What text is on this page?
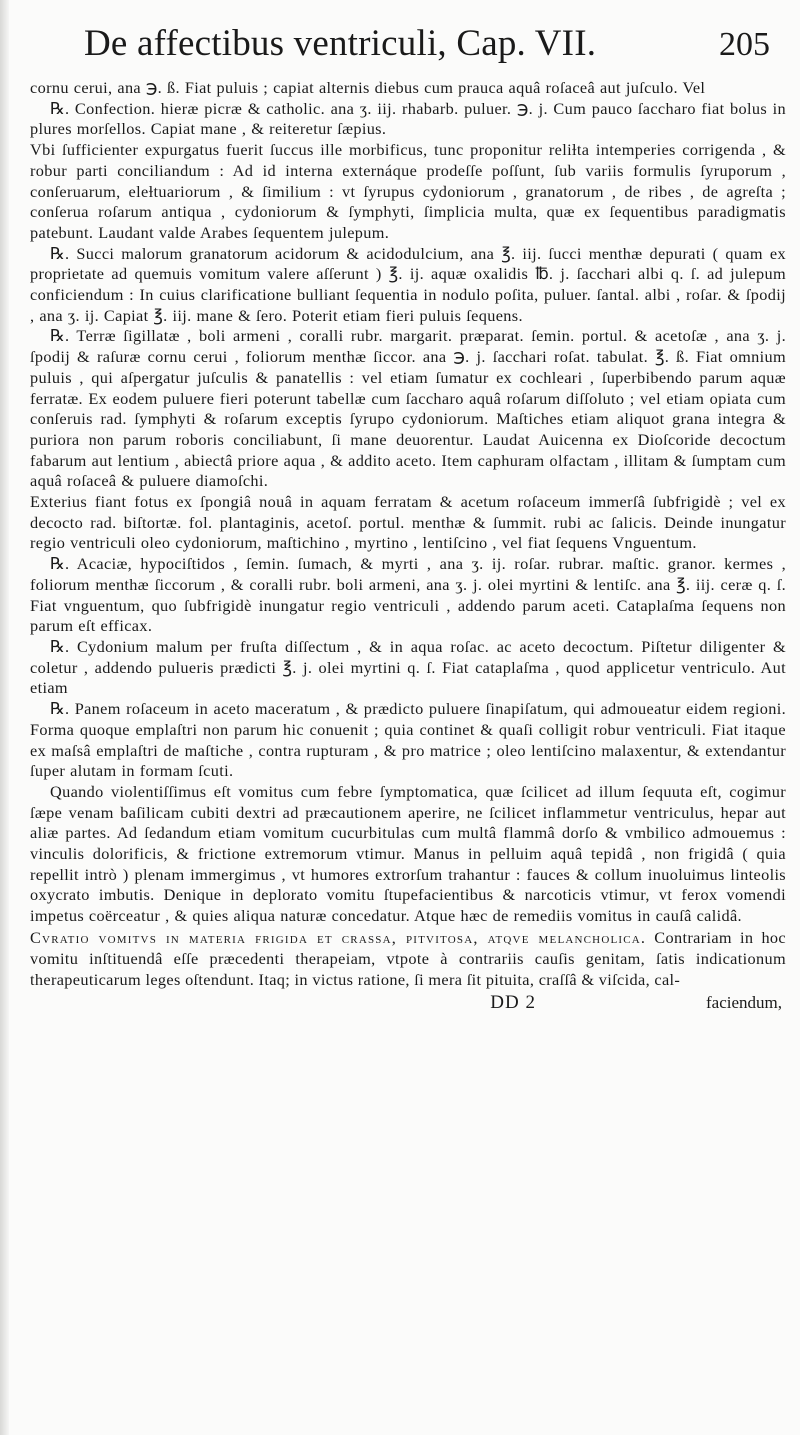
De affectibus ventriculi, Cap. VII.	205

cornu cerui, ana ℈. ß. Fiat puluis ; capiat alternis diebus cum prauca aquâ roſaceâ aut juſculo. Vel

℞. Confection. hieræ picræ & catholic. ana ʒ. iij. rhabarb. puluer. ℈. j. Cum pauco ſaccharo fiat bolus in plures morſellos. Capiat mane , & reiteretur ſæpius.

Vbi ſufficienter expurgatus fuerit ſuccus ille morbificus, tunc proponitur reliɫta intemperies corrigenda , & robur parti conciliandum : Ad id interna externáque prodeſſe poſſunt, ſub variis formulis ſyruporum , conſeruarum, eleɫtuariorum , & ſimilium : vt ſyrupus cydoniorum , granatorum , de ribes , de agreſta ; conſerua roſarum antiqua , cydoniorum & ſymphyti, ſimplicia multa, quæ ex ſequentibus paradigmatis patebunt. Laudant valde Arabes ſequentem julepum.

℞. Succi malorum granatorum acidorum & acidodulcium, ana ℥. iij. ſucci menthæ depurati ( quam ex proprietate ad quemuis vomitum valere aſſerunt ) ℥. ij. aquæ oxalidis ℔. j. ſacchari albi q. ſ. ad julepum conficiendum : In cuius clarificatione bulliant ſequentia in nodulo poſita, puluer. ſantal. albi , roſar. & ſpodij , ana ʒ. ij. Capiat ℥. iij. mane & ſero. Poterit etiam fieri puluis ſequens.

℞. Terræ ſigillatæ , boli armeni , coralli rubr. margarit. præparat. ſemin. portul. & acetoſæ , ana ʒ. j. ſpodij & raſuræ cornu cerui , foliorum menthæ ſiccor. ana ℈. j. ſacchari roſat. tabulat. ℥. ß. Fiat omnium puluis , qui aſpergatur juſculis & panatellis : vel etiam ſumatur ex cochleari , ſuperbibendo parum aquæ ferratæ. Ex eodem puluere fieri poterunt tabellæ cum ſaccharo aquâ roſarum diſſoluto ; vel etiam opiata cum conſeruis rad. ſymphyti & roſarum exceptis ſyrupo cydoniorum. Maſtiches etiam aliquot grana integra & puriora non parum roboris conciliabunt, ſi mane deuorentur. Laudat Auicenna ex Dioſcoride decoctum fabarum aut lentium , abiectâ priore aqua , & addito aceto. Item caphuram olfactam , illitam & ſumptam cum aquâ roſaceâ & puluere diamoſchi.

Exterius fiant fotus ex ſpongiâ nouâ in aquam ferratam & acetum roſaceum immerſâ ſubfrigidè ; vel ex decocto rad. biſtortæ. fol. plantaginis, acetoſ. portul. menthæ & ſummit. rubi ac ſalicis. Deinde inungatur regio ventriculi oleo cydoniorum, maſtichino , myrtino , lentiſcino , vel fiat ſequens Vnguentum.

℞. Acaciæ, hypociſtidos , ſemin. ſumach, & myrti , ana ʒ. ij. roſar. rubrar. maſtic. granor. kermes , foliorum menthæ ſiccorum , & coralli rubr. boli armeni, ana ʒ. j. olei myrtini & lentiſc. ana ℥. iij. ceræ q. ſ. Fiat vnguentum, quo ſubfrigidè inungatur regio ventriculi , addendo parum aceti. Cataplaſma ſequens non parum eſt efficax.

℞. Cydonium malum per fruſta diſſectum , & in aqua roſac. ac aceto decoctum. Piſtetur diligenter & coletur , addendo pulueris prædicti ℥. j. olei myrtini q. ſ. Fiat cataplaſma , quod applicetur ventriculo. Aut etiam

℞. Panem roſaceum in aceto maceratum , & prædicto puluere ſinapiſatum, qui admoueatur eidem regioni. Forma quoque emplaſtri non parum hic conuenit ; quia continet & quaſi colligit robur ventriculi. Fiat itaque ex maſsâ emplaſtri de maſtiche , contra rupturam , & pro matrice ; oleo lentiſcino malaxentur, & extendantur ſuper alutam in formam ſcuti.

Quando violentiſſimus eſt vomitus cum febre ſymptomatica, quæ ſcilicet ad illum ſequuta eſt, cogimur ſæpe venam baſilicam cubiti dextri ad præcautionem aperire, ne ſcilicet inflammetur ventriculus, hepar aut aliæ partes. Ad ſedandum etiam vomitum cucurbitulas cum multâ flammâ dorſo & vmbilico admouemus : vinculis dolorificis, & frictione extremorum vtimur. Manus in pelluim aquâ tepidâ , non frigidâ ( quia repellit intrò ) plenam immergimus , vt humores extrorſum trahantur : fauces & collum inuoluimus linteolis oxycrato imbutis. Denique in deplorato vomitu ſtupefacientibus & narcoticis vtimur, vt ferox vomendi impetus coërceatur , & quies aliqua naturæ concedatur. Atque hæc de remediis vomitus in cauſâ calidâ.

Cvratio vomitvs in materia frigida et crassa, pitvitosa, atqve melancholica. Contrariam in hoc vomitu inſtituendâ eſſe præcedenti therapeiam, vtpote à contrariis cauſis genitam, ſatis indicationum therapeuticarum leges oſtendunt. Itaq; in victus ratione, ſi mera ſit pituita, craſſâ & viſcida, cal-
DD 2	faciendum,
